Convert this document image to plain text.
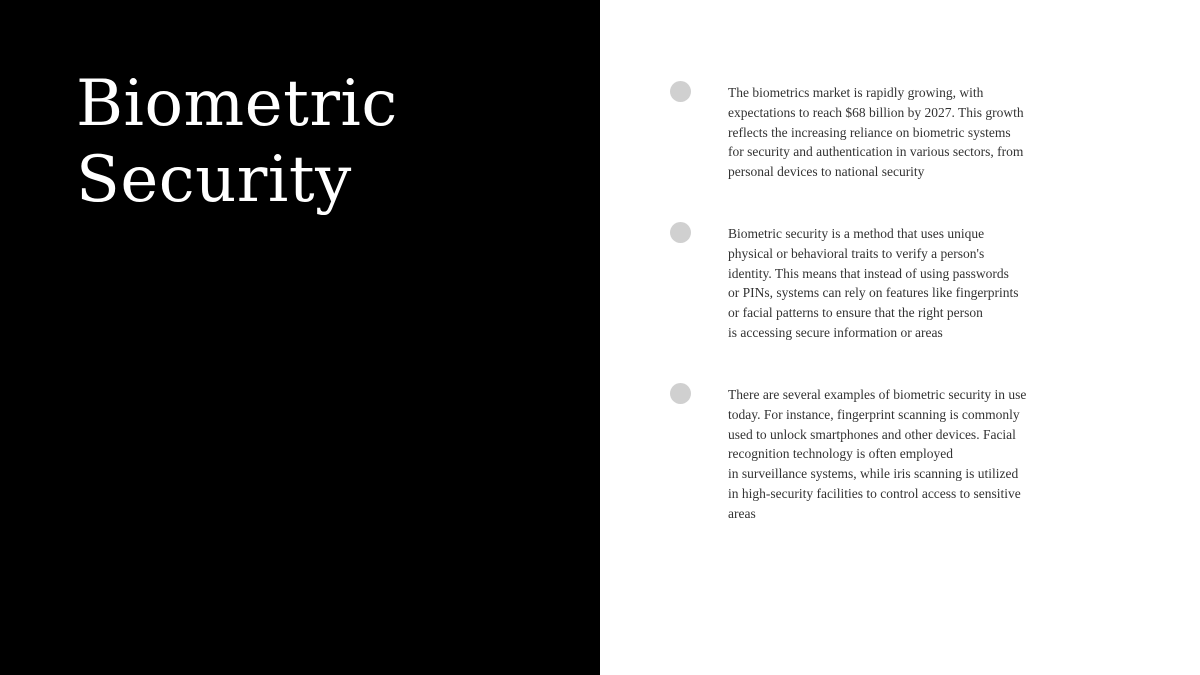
Biometric
Security

The biometrics market is rapidly growing, with
expectations to reach $68 billion by 2027. This growth
reflects the increasing reliance on biometric systems
for security and authentication in various sectors, from
personal devices to national security

Biometric security is a method that uses unique
physical or behavioral traits to verify a person's
identity. This means that instead of using passwords
or PINs, systems can rely on features like fingerprints
or facial patterns to ensure that the right person
is accessing secure information or areas

There are several examples of biometric security in use
today. For instance, fingerprint scanning is commonly
used to unlock smartphones and other devices. Facial
recognition technology is often employed
in surveillance systems, while iris scanning is utilized
in high-security facilities to control access to sensitive
areas
